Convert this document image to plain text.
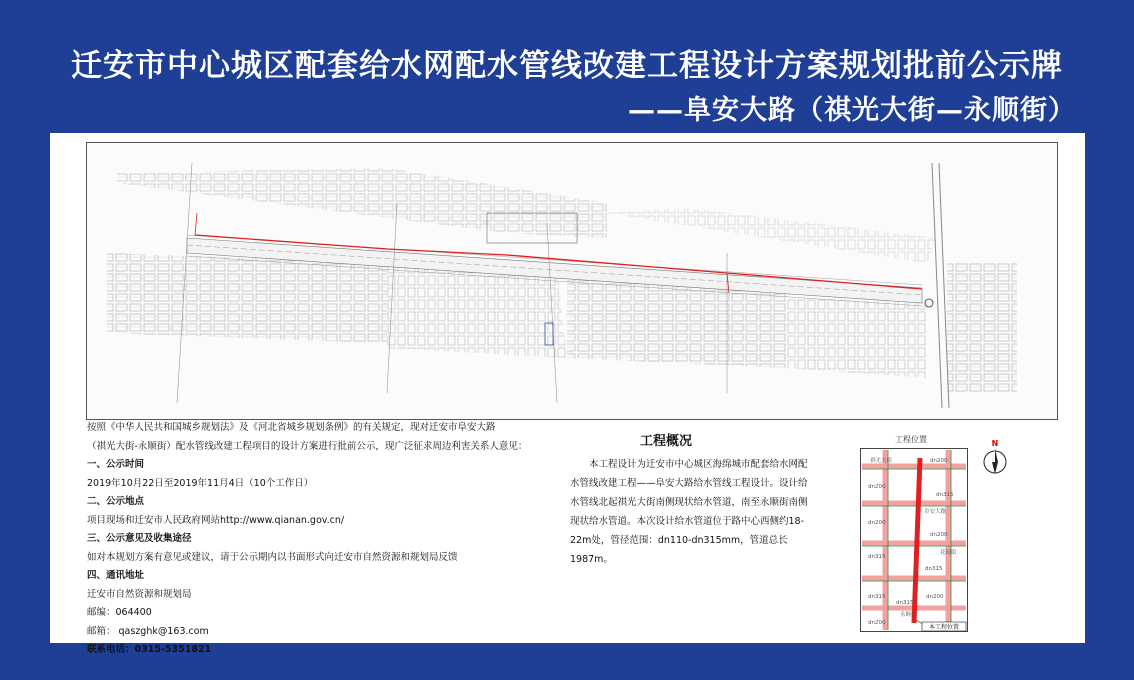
迁安市中心城区配套给水网配水管线改建工程设计方案规划批前公示牌
——阜安大路（祺光大街—永顺街）
按照《中华人民共和国城乡规划法》及《河北省城乡规划条例》的有关规定，现对迁安市阜安大路
（祺光大街-永顺街）配水管线改建工程项目的设计方案进行批前公示，现广泛征求周边利害关系人意见：
一、公示时间
2019年10月22日至2019年11月4日（10个工作日）
二、公示地点
项目现场和迁安市人民政府网站http://www.qianan.gov.cn/
三、公示意见及收集途径
如对本规划方案有意见或建议，请于公示期内以书面形式向迁安市自然资源和规划局反馈
四、通讯地址
迁安市自然资源和规划局
邮编：064400
邮箱： qaszghk@163.com
联系电话：0315-5351821
工程概况
本工程设计为迁安市中心城区海绵城市配套给水网配水管线改建工程——阜安大路给水管线工程设计。设计给水管线北起祺光大街南侧现状给水管道，南至永顺街南侧现状给水管道。本次设计给水管道位于路中心西侧约18-22m处，管径范围：dn110-dn315mm，管道总长1987m。
工程位置	N
祺光大街	dn200
dn315
dn200
dn200
dn315
dn200
dn315
dn315
dn200
dn315
阜安大路
花园街
永顺街
dn200
本工程位置
